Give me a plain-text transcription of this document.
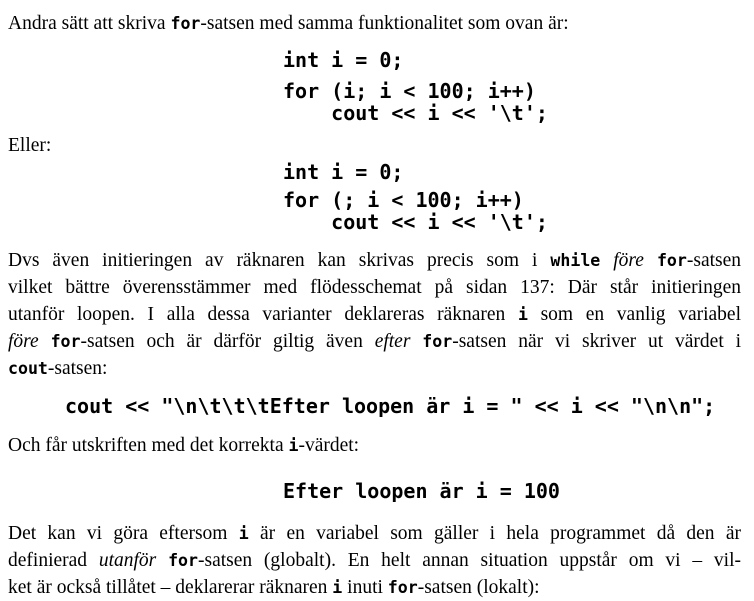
Andra sätt att skriva for-satsen med samma funktionalitet som ovan är:
int i = 0;
for (i; i < 100; i++)
cout << i << '\t';
Eller:
int i = 0;
for (; i < 100; i++)
cout << i << '\t';
Dvs även initieringen av räknaren kan skrivas precis som i while före for-satsen
vilket bättre överensstämmer med flödesschemat på sidan 137: Där står initieringen
utanför loopen. I alla dessa varianter deklareras räknaren i som en vanlig variabel
före for-satsen och är därför giltig även efter for-satsen när vi skriver ut värdet i
cout-satsen:
cout << "\n\t\t\tEfter loopen är i = " << i << "\n\n";
Och får utskriften med det korrekta i-värdet:
Efter loopen är i = 100
Det kan vi göra eftersom i är en variabel som gäller i hela programmet då den är
definierad utanför for-satsen (globalt). En helt annan situation uppstår om vi – vil-
ket är också tillåtet – deklarerar räknaren i inuti for-satsen (lokalt):
